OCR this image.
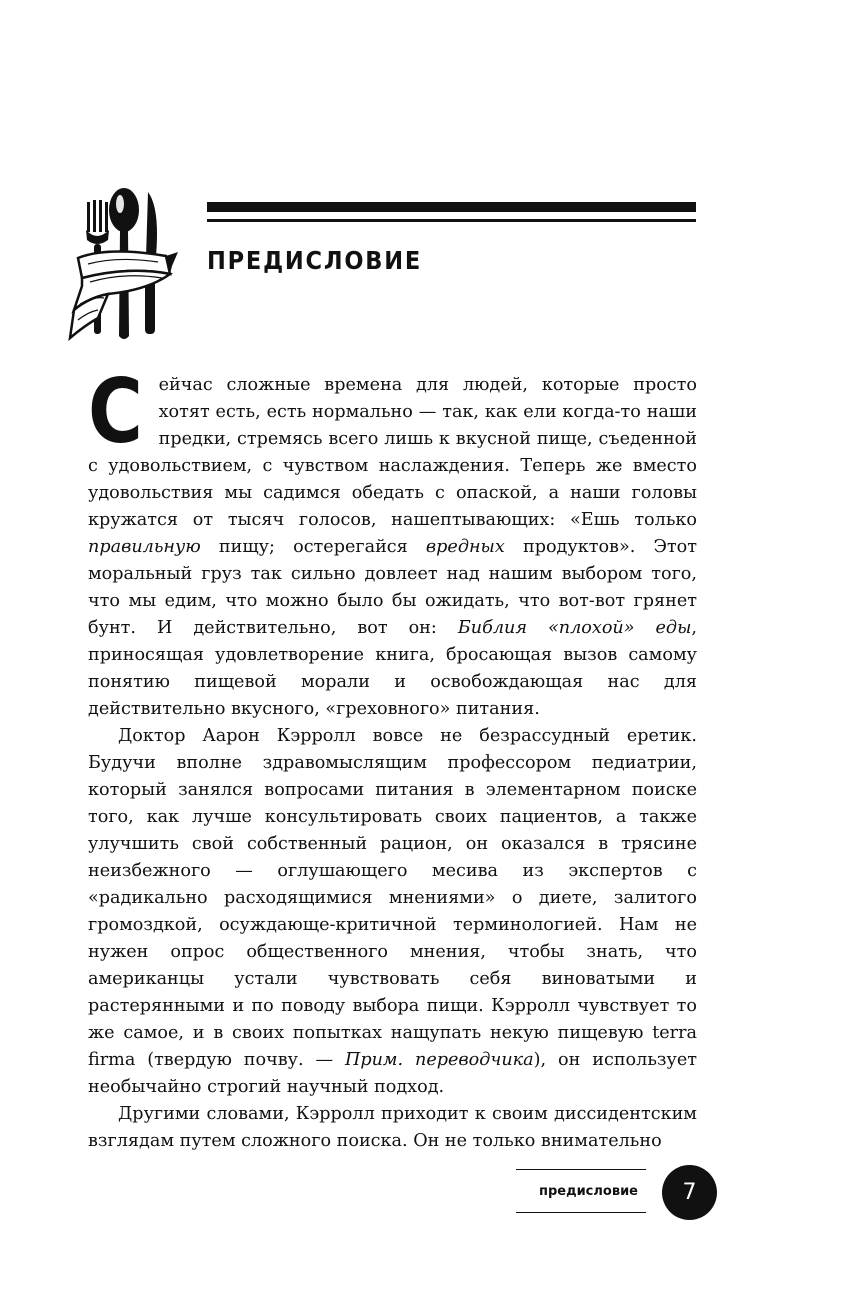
ПРЕДИСЛОВИЕ

Сейчас сложные времена для людей, которые просто хотят есть, есть нормально — так, как ели когда-то наши предки, стремясь всего лишь к вкусной пище, съеденной с удовольствием, с чувством наслаждения. Теперь же вместо удовольствия мы садимся обедать с опаской, а наши головы кружатся от тысяч голосов, нашептывающих: «Ешь только правильную пищу; остерегайся вредных продуктов». Этот моральный груз так сильно довлеет над нашим выбором того, что мы едим, что можно было бы ожидать, что вот-вот грянет бунт. И действительно, вот он: Библия «плохой» еды, приносящая удовлетворение книга, бросающая вызов самому понятию пищевой морали и освобождающая нас для действительно вкусного, «греховного» питания.

Доктор Аарон Кэрролл вовсе не безрассудный еретик. Будучи вполне здравомыслящим профессором педиатрии, который занялся вопросами питания в элементарном поиске того, как лучше консультировать своих пациентов, а также улучшить свой собственный рацион, он оказался в трясине неизбежного — оглушающего месива из экспертов с «радикально расходящимися мнениями» о диете, залитого громоздкой, осуждающе-критичной терминологией. Нам не нужен опрос общественного мнения, чтобы знать, что американцы устали чувствовать себя виноватыми и растерянными и по поводу выбора пищи. Кэрролл чувствует то же самое, и в своих попытках нащупать некую пищевую terra firma (твердую почву. — Прим. переводчика), он использует необычайно строгий научный подход.

Другими словами, Кэрролл приходит к своим диссидентским взглядам путем сложного поиска. Он не только внимательно

предисловие	7
